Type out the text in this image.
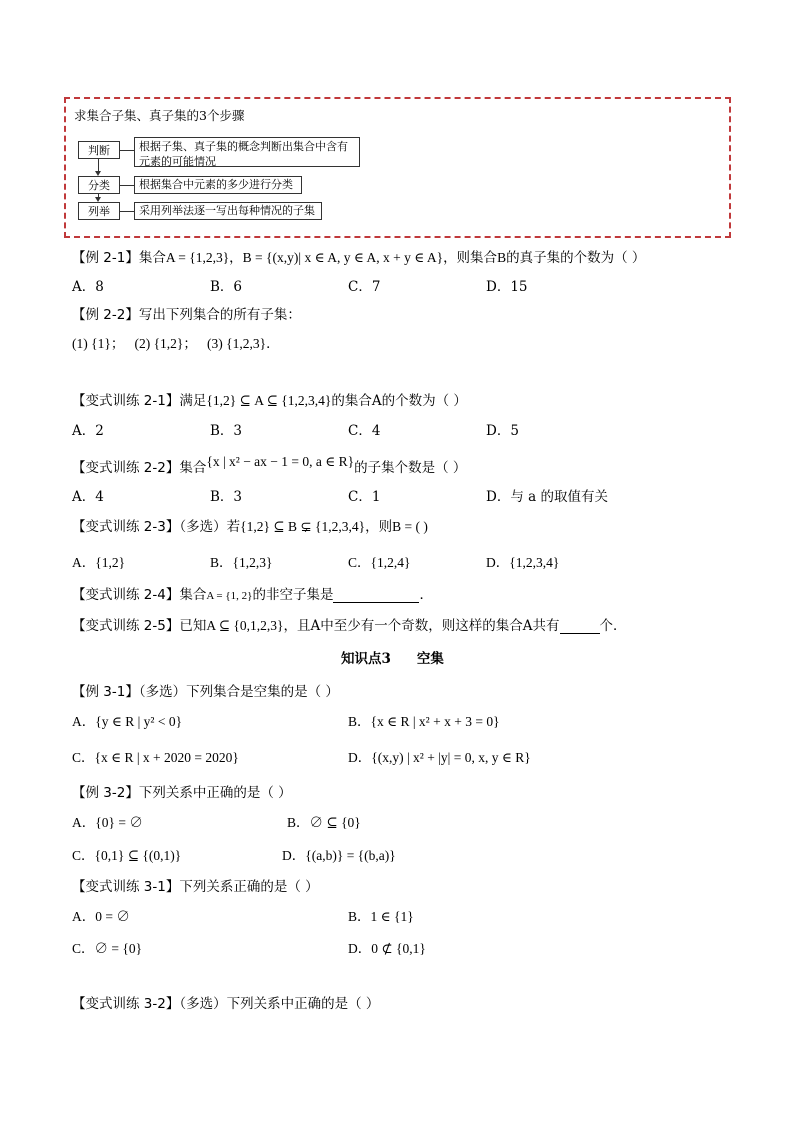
求集合子集、真子集的3个步骤
判断	根据子集、真子集的概念判断出集合中含有元素的可能情况
分类	根据集合中元素的多少进行分类
列举	采用列举法逐一写出每种情况的子集
【例 2-1】集合A = {1,2,3}，B = {(x,y)| x ∈ A, y ∈ A, x + y ∈ A}，则集合B的真子集的个数为（ ）
A．8	B．6	C．7	D．15
【例 2-2】写出下列集合的所有子集：
(1) {1}； (2) {1,2}； (3) {1,2,3}．
【变式训练 2-1】满足{1,2} ⊆ A ⊆ {1,2,3,4}的集合A的个数为（ ）
A．2	B．3	C．4	D．5
【变式训练 2-2】集合{x | x² − ax − 1 = 0, a ∈ R}的子集个数是（ ）
A．4	B．3	C．1	D．与 a 的取值有关
【变式训练 2-3】（多选）若{1,2} ⊆ B ⊊ {1,2,3,4}，则B = ( )
A．{1,2}	B．{1,2,3}	C．{1,2,4}	D．{1,2,3,4}
【变式训练 2-4】集合A = {1, 2}的非空子集是	．
【变式训练 2-5】已知A ⊆ {0,1,2,3}，且A中至少有一个奇数，则这样的集合A共有	个．
知识点3 空集
【例 3-1】（多选）下列集合是空集的是（ ）
A．{y ∈ R | y² < 0}	B．{x ∈ R | x² + x + 3 = 0}
C．{x ∈ R | x + 2020 = 2020}	D．{(x,y) | x² + |y| = 0, x, y ∈ R}
【例 3-2】下列关系中正确的是（ ）
A．{0} = ∅	B．∅ ⊆ {0}
C．{0,1} ⊆ {(0,1)}	D．{(a,b)} = {(b,a)}
【变式训练 3-1】下列关系正确的是（ ）
A．0 = ∅	B．1 ∈ {1}
C．∅ = {0}	D．0 ⊄ {0,1}
【变式训练 3-2】（多选）下列关系中正确的是（ ）
